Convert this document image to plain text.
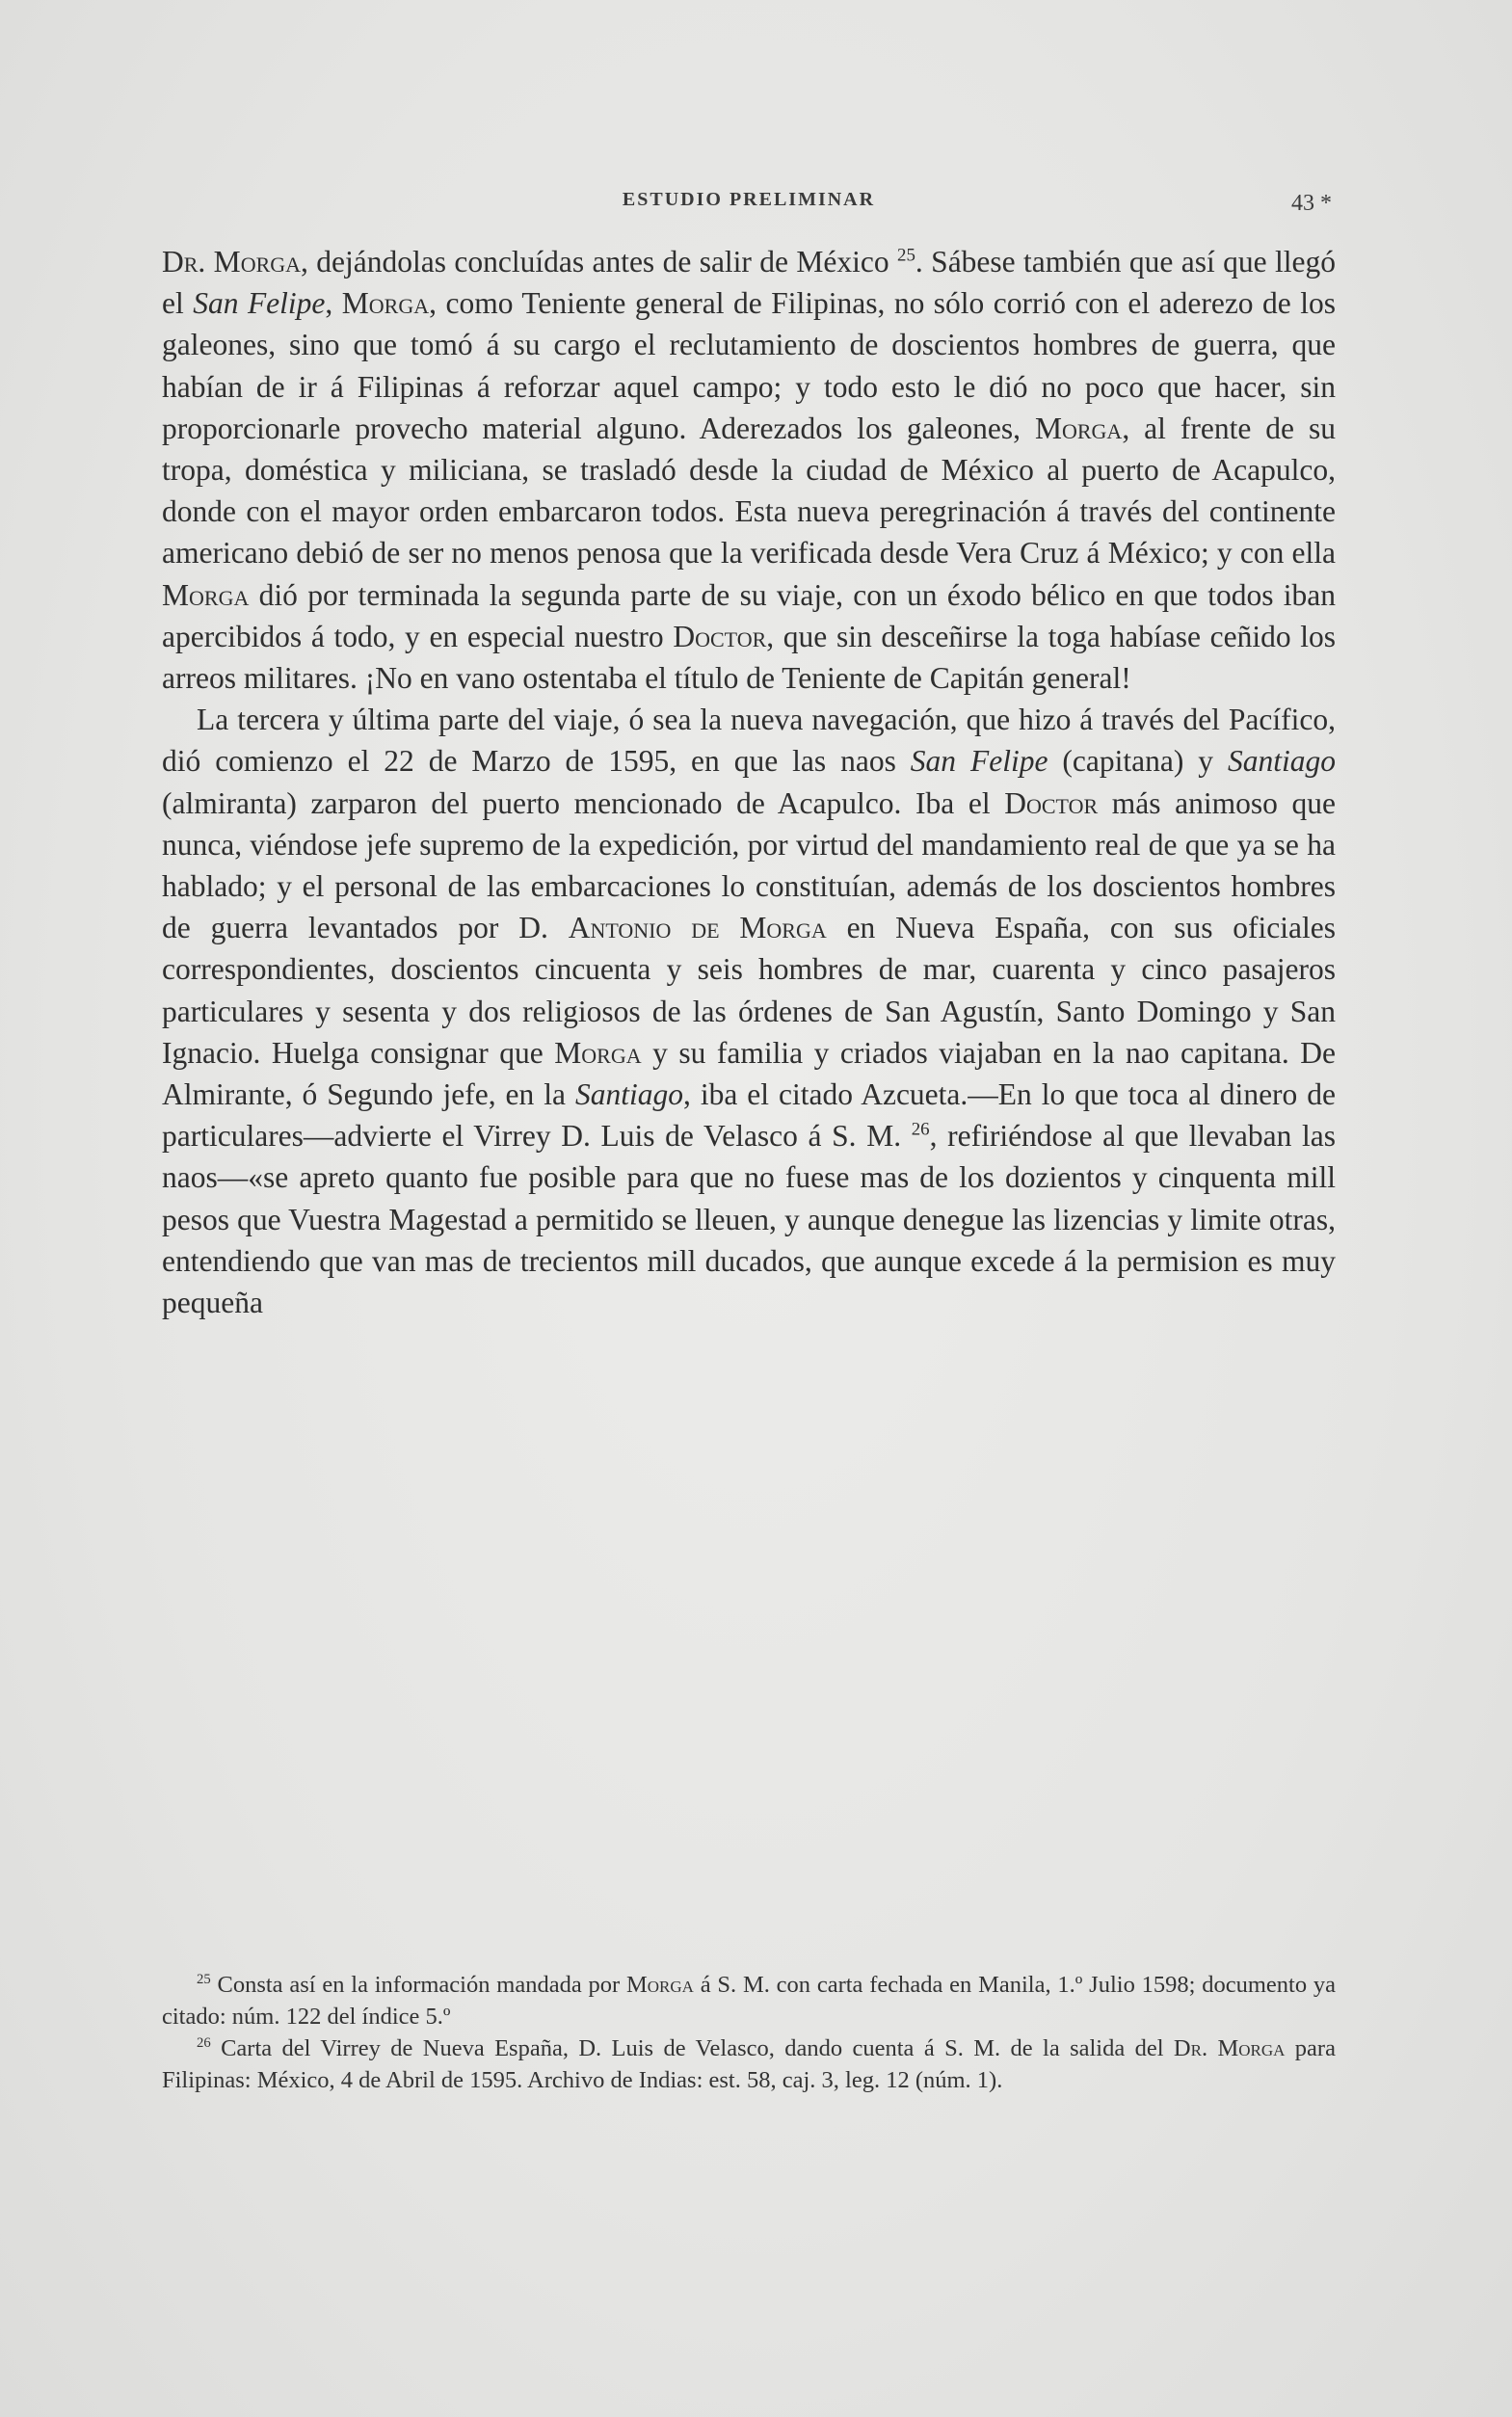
ESTUDIO PRELIMINAR	43 *

Dr. Morga, dejándolas concluídas antes de salir de México $^{25}$. Sábese también que así que llegó el San Felipe, Morga, como Teniente general de Filipinas, no sólo corrió con el aderezo de los galeones, sino que tomó á su cargo el reclutamiento de doscientos hombres de guerra, que habían de ir á Filipinas á reforzar aquel campo; y todo esto le dió no poco que hacer, sin proporcionarle provecho material alguno. Aderezados los galeones, Morga, al frente de su tropa, doméstica y miliciana, se trasladó desde la ciudad de México al puerto de Acapulco, donde con el mayor orden embarcaron todos. Esta nueva peregrinación á través del continente americano debió de ser no menos penosa que la verificada desde Vera Cruz á México; y con ella Morga dió por terminada la segunda parte de su viaje, con un éxodo bélico en que todos iban apercibidos á todo, y en especial nuestro Doctor, que sin desceñirse la toga habíase ceñido los arreos militares. ¡No en vano ostentaba el título de Teniente de Capitán general!

La tercera y última parte del viaje, ó sea la nueva navegación, que hizo á través del Pacífico, dió comienzo el 22 de Marzo de 1595, en que las naos San Felipe (capitana) y Santiago (almiranta) zarparon del puerto mencionado de Acapulco. Iba el Doctor más animoso que nunca, viéndose jefe supremo de la expedición, por virtud del mandamiento real de que ya se ha hablado; y el personal de las embarcaciones lo constituían, además de los doscientos hombres de guerra levantados por D. Antonio de Morga en Nueva España, con sus oficiales correspondientes, doscientos cincuenta y seis hombres de mar, cuarenta y cinco pasajeros particulares y sesenta y dos religiosos de las órdenes de San Agustín, Santo Domingo y San Ignacio. Huelga consignar que Morga y su familia y criados viajaban en la nao capitana. De Almirante, ó Segundo jefe, en la Santiago, iba el citado Azcueta.—En lo que toca al dinero de particulares—advierte el Virrey D. Luis de Velasco á S. M. $^{26}$, refiriéndose al que llevaban las naos—«se apreto quanto fue posible para que no fuese mas de los dozientos y cinquenta mill pesos que Vuestra Magestad a permitido se lleuen, y aunque denegue las lizencias y limite otras, entendiendo que van mas de trecientos mill ducados, que aunque excede á la permision es muy pequeña

$^{25}$ Consta así en la información mandada por Morga á S. M. con carta fechada en Manila, 1.º Julio 1598; documento ya citado: núm. 122 del índice 5.º

$^{26}$ Carta del Virrey de Nueva España, D. Luis de Velasco, dando cuenta á S. M. de la salida del Dr. Morga para Filipinas: México, 4 de Abril de 1595. Archivo de Indias: est. 58, caj. 3, leg. 12 (núm. 1).
